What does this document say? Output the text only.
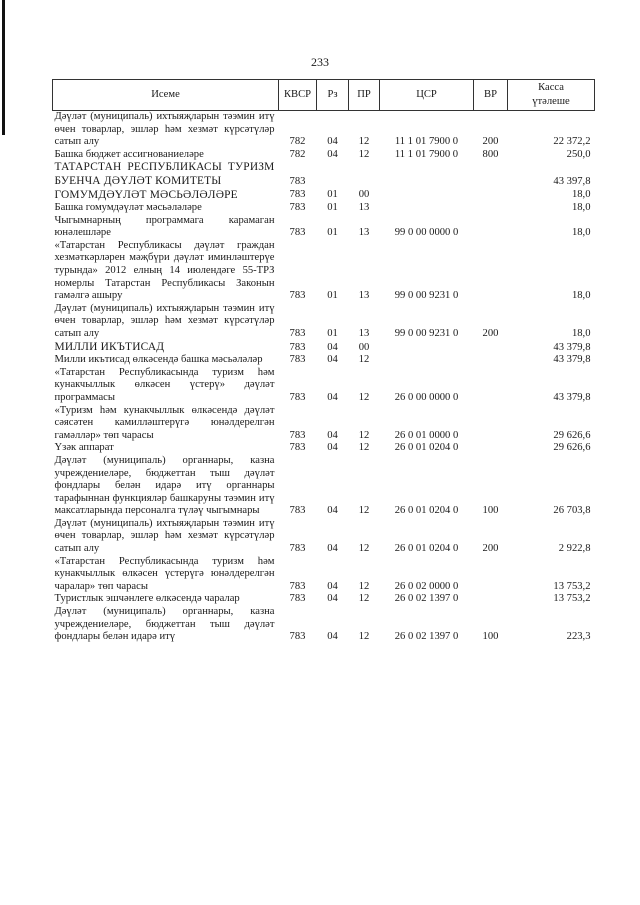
233
Исеме	КВСР	Рз	ПР	ЦСР	ВР	Касса
үтәлеше
Дәүләт (муниципаль) ихтыяҗларын тәэмин итү өчен товарлар, эшләр һәм хезмәт күрсәтүләр сатып алу	782	04	12	11 1 01 7900 0	200	22 372,2
Башка бюджет ассигнованиеләре	782	04	12	11 1 01 7900 0	800	250,0
ТАТАРСТАН РЕСПУБЛИКАСЫ ТУРИЗМ БУЕНЧА ДӘҮЛӘТ КОМИТЕТЫ	783					43 397,8
ГОМУМДӘҮЛӘТ МӘСЬӘЛӘЛӘРЕ	783	01	00			18,0
Башка гомумдәүләт мәсьәләләре	783	01	13			18,0
Чыгымнарның программага карамаган юнәлешләре	783	01	13	99 0 00 0000 0		18,0
«Татарстан Республикасы дәүләт граждан хезмәткәрләрен мәҗбүри дәүләт иминләштерүе турында» 2012 елның 14 июлендәге 55-ТРЗ номерлы Татарстан Республикасы Законын гамәлгә ашыру	783	01	13	99 0 00 9231 0		18,0
Дәүләт (муниципаль) ихтыяҗларын тәэмин итү өчен товарлар, эшләр һәм хезмәт күрсәтүләр сатып алу	783	01	13	99 0 00 9231 0	200	18,0
МИЛЛИ ИКЪТИСАД	783	04	00			43 379,8
Милли икътисад өлкәсендә башка мәсьәләләр	783	04	12			43 379,8
«Татарстан Республикасында туризм һәм кунакчыллык өлкәсен үстерү» дәүләт программасы	783	04	12	26 0 00 0000 0		43 379,8
«Туризм һәм кунакчыллык өлкәсендә дәүләт сәясәтен камилләштерүгә юнәлдерелгән гамәлләр» төп чарасы	783	04	12	26 0 01 0000 0		29 626,6
Үзәк аппарат	783	04	12	26 0 01 0204 0		29 626,6
Дәүләт (муниципаль) органнары, казна учреждениеләре, бюджеттан тыш дәүләт фондлары белән идарә итү органнары тарафыннан функцияләр башкаруны тәэмин итү максатларында персоналга түләү чыгымнары	783	04	12	26 0 01 0204 0	100	26 703,8
Дәүләт (муниципаль) ихтыяҗларын тәэмин итү өчен товарлар, эшләр һәм хезмәт күрсәтүләр сатып алу	783	04	12	26 0 01 0204 0	200	2 922,8
«Татарстан Республикасында туризм һәм кунакчыллык өлкәсен үстерүгә юнәлдерелгән чаралар» төп чарасы	783	04	12	26 0 02 0000 0		13 753,2
Туристлык эшчәнлеге өлкәсендә чаралар	783	04	12	26 0 02 1397 0		13 753,2
Дәүләт (муниципаль) органнары, казна учреждениеләре, бюджеттан тыш дәүләт фондлары белән идарә итү	783	04	12	26 0 02 1397 0	100	223,3
